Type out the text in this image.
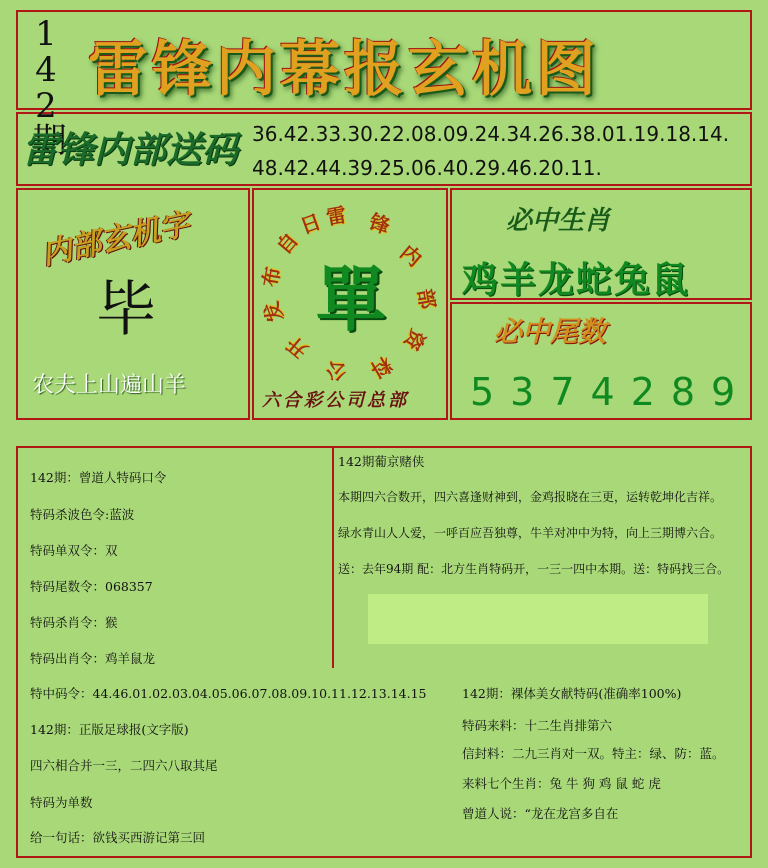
142期 雷锋内幕报玄机图
雷锋内部送码 36.42.33.30.22.08.09.24.34.26.38.01.19.18.14.
48.42.44.39.25.06.40.29.46.20.11.
内部玄机字
毕
农夫上山遍山羊
雷 锋
内
部
资
料
公
开
发
布
自
日
單
六合彩公司总部
必中生肖
鸡羊龙蛇兔鼠
必中尾数
5374289
142期：曾道人特码口令
特码杀波色令:蓝波
特码单双令：双
特码尾数令：068357
特码杀肖令：猴
特码出肖令：鸡羊鼠龙
特中码令：44.46.01.02.03.04.05.06.07.08.09.10.11.12.13.14.15
142期：正版足球报(文字版)
四六相合并一三，二四六八取其尾
特码为单数
给一句话：欲钱买西游记第三回
142期葡京赌侠
本期四六合数开，四六喜逢财神到，金鸡报晓在三更，运转乾坤化吉祥。
绿水青山人人爱，一呼百应吾独尊，牛羊对冲中为特，向上三期博六合。
送：去年94期 配：北方生肖特码开，一三一四中本期。送：特码找三合。
142期：裸体美女献特码(准确率100%)
特码来料：十二生肖排第六
信封料：二九三肖对一双。特主：绿、防：蓝。
来料七个生肖：兔 牛 狗 鸡 鼠 蛇 虎
曾道人说：“龙在龙宫多自在
